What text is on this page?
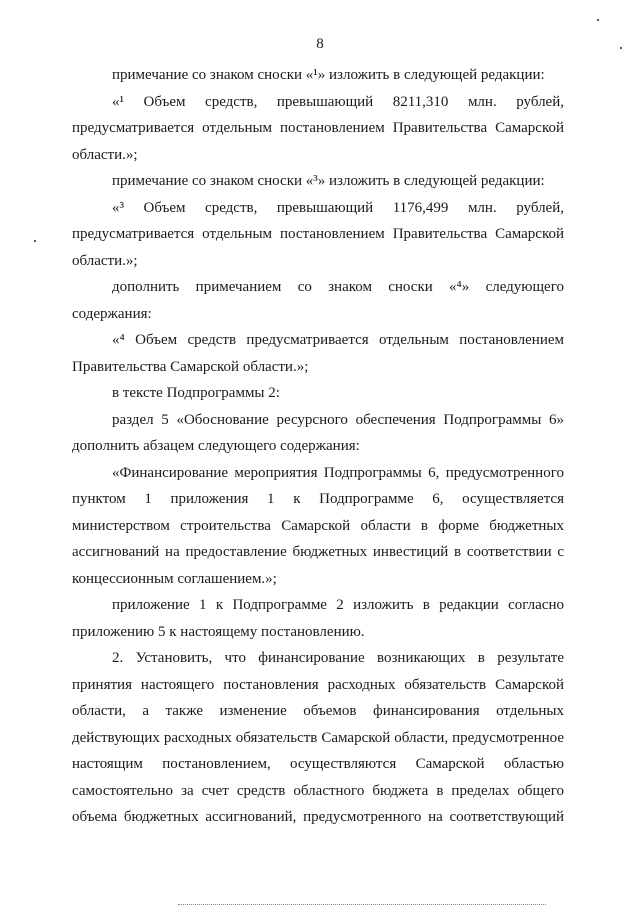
8
примечание со знаком сноски «¹» изложить в следующей редакции:
«¹ Объем средств, превышающий 8211,310 млн. рублей,
предусматривается отдельным постановлением Правительства Самарской
области.»;
примечание со знаком сноски «³» изложить в следующей редакции:
«³ Объем средств, превышающий 1176,499 млн. рублей,
предусматривается отдельным постановлением Правительства Самарской
области.»;
дополнить примечанием со знаком сноски «⁴» следующего
содержания:
«⁴ Объем средств предусматривается отдельным постановлением
Правительства Самарской области.»;
в тексте Подпрограммы 2:
раздел 5 «Обоснование ресурсного обеспечения Подпрограммы 6»
дополнить абзацем следующего содержания:
«Финансирование мероприятия Подпрограммы 6, предусмотренного
пунктом 1 приложения 1 к Подпрограмме 6, осуществляется
министерством строительства Самарской области в форме бюджетных
ассигнований на предоставление бюджетных инвестиций в соответствии с
концессионным соглашением.»;
приложение 1 к Подпрограмме 2 изложить в редакции согласно
приложению 5 к настоящему постановлению.
2. Установить, что финансирование возникающих в результате
принятия настоящего постановления расходных обязательств Самарской
области, а также изменение объемов финансирования отдельных
действующих расходных обязательств Самарской области, предусмотренное
настоящим постановлением, осуществляются Самарской областью
самостоятельно за счет средств областного бюджета в пределах общего
объема бюджетных ассигнований, предусмотренного на соответствующий
